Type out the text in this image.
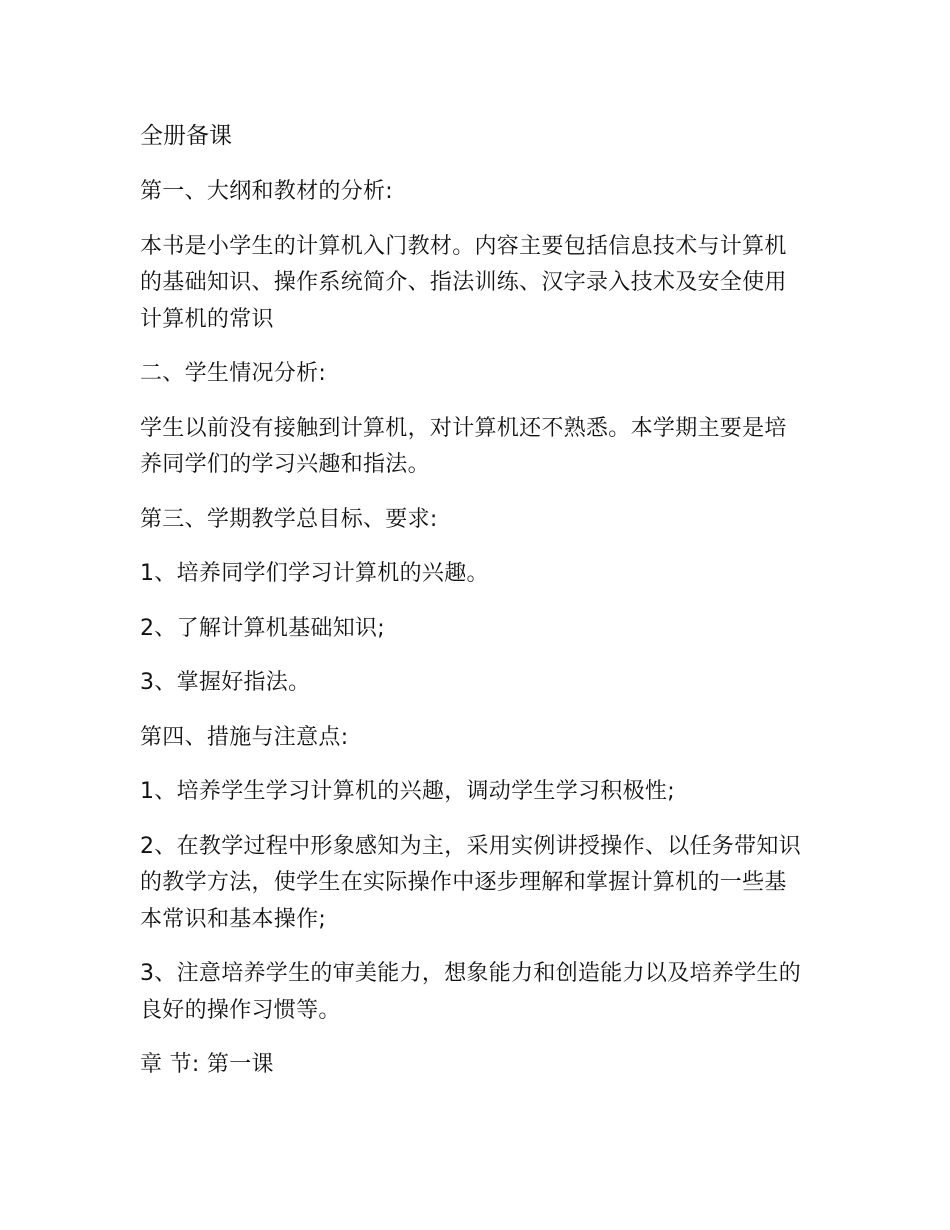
全册备课

第一、大纲和教材的分析:

本书是小学生的计算机入门教材。内容主要包括信息技术与计算机的基础知识、操作系统简介、指法训练、汉字录入技术及安全使用计算机的常识

二、学生情况分析:

学生以前没有接触到计算机，对计算机还不熟悉。本学期主要是培养同学们的学习兴趣和指法。

第三、学期教学总目标、要求:

1、培养同学们学习计算机的兴趣。

2、了解计算机基础知识;

3、掌握好指法。

第四、措施与注意点:

1、培养学生学习计算机的兴趣，调动学生学习积极性;

2、在教学过程中形象感知为主，采用实例讲授操作、以任务带知识的教学方法，使学生在实际操作中逐步理解和掌握计算机的一些基本常识和基本操作;

3、注意培养学生的审美能力，想象能力和创造能力以及培养学生的良好的操作习惯等。

章 节: 第一课
